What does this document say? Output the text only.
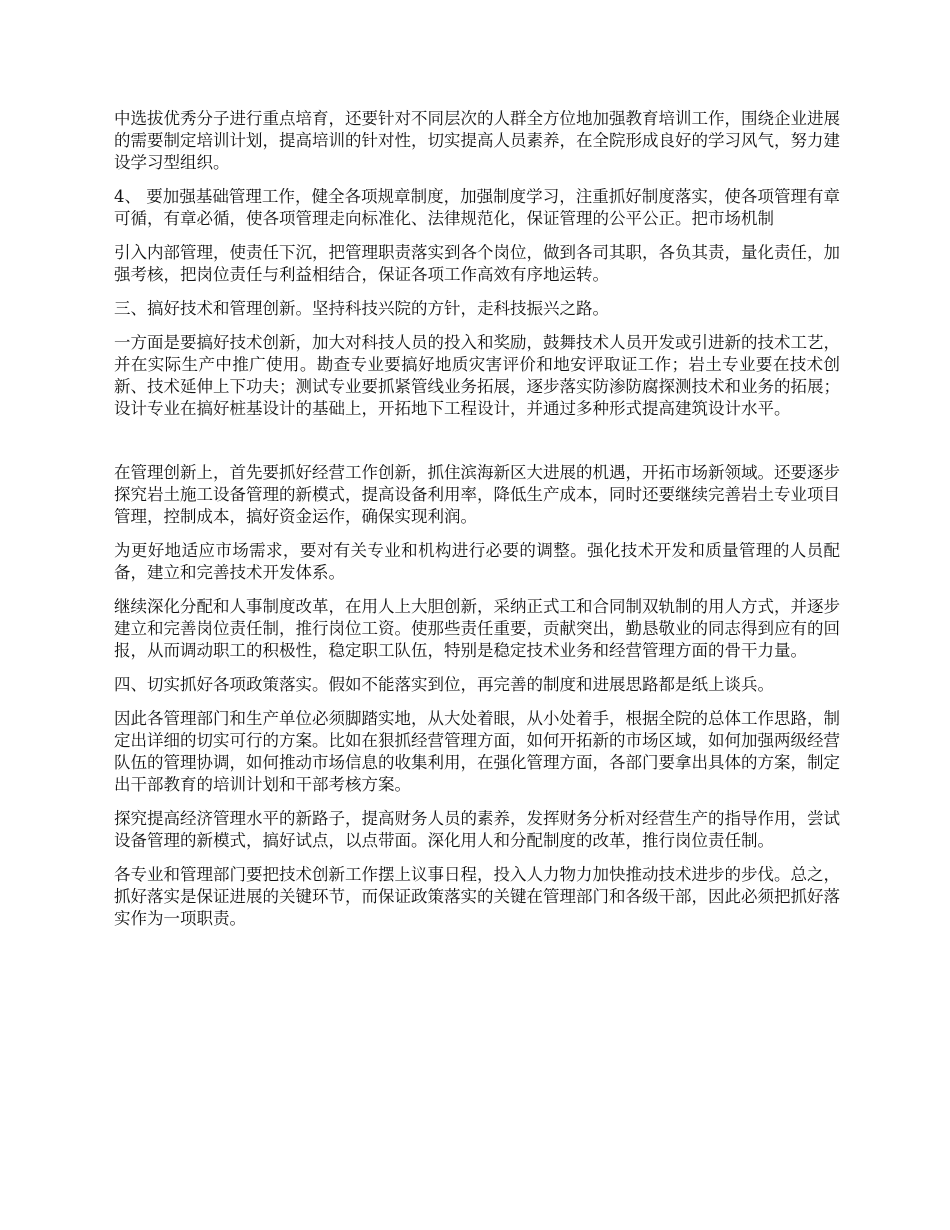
中选拔优秀分子进行重点培育，还要针对不同层次的人群全方位地加强教育培训工作，围绕企业进展的需要制定培训计划，提高培训的针对性，切实提高人员素养，在全院形成良好的学习风气，努力建设学习型组织。

4、 要加强基础管理工作，健全各项规章制度，加强制度学习，注重抓好制度落实，使各项管理有章可循，有章必循，使各项管理走向标准化、法律规范化，保证管理的公平公正。把市场机制

引入内部管理，使责任下沉，把管理职责落实到各个岗位，做到各司其职，各负其责，量化责任，加强考核，把岗位责任与利益相结合，保证各项工作高效有序地运转。

三、搞好技术和管理创新。坚持科技兴院的方针，走科技振兴之路。

一方面是要搞好技术创新，加大对科技人员的投入和奖励，鼓舞技术人员开发或引进新的技术工艺，并在实际生产中推广使用。勘查专业要搞好地质灾害评价和地安评取证工作；岩土专业要在技术创新、技术延伸上下功夫；测试专业要抓紧管线业务拓展，逐步落实防渗防腐探测技术和业务的拓展；设计专业在搞好桩基设计的基础上，开拓地下工程设计，并通过多种形式提高建筑设计水平。

在管理创新上，首先要抓好经营工作创新，抓住滨海新区大进展的机遇，开拓市场新领域。还要逐步探究岩土施工设备管理的新模式，提高设备利用率，降低生产成本，同时还要继续完善岩土专业项目管理，控制成本，搞好资金运作，确保实现利润。

为更好地适应市场需求，要对有关专业和机构进行必要的调整。强化技术开发和质量管理的人员配备，建立和完善技术开发体系。

继续深化分配和人事制度改革，在用人上大胆创新，采纳正式工和合同制双轨制的用人方式，并逐步建立和完善岗位责任制，推行岗位工资。使那些责任重要，贡献突出，勤恳敬业的同志得到应有的回报，从而调动职工的积极性，稳定职工队伍，特别是稳定技术业务和经营管理方面的骨干力量。

四、切实抓好各项政策落实。假如不能落实到位，再完善的制度和进展思路都是纸上谈兵。

因此各管理部门和生产单位必须脚踏实地，从大处着眼，从小处着手，根据全院的总体工作思路，制定出详细的切实可行的方案。比如在狠抓经营管理方面，如何开拓新的市场区域，如何加强两级经营队伍的管理协调，如何推动市场信息的收集利用，在强化管理方面，各部门要拿出具体的方案，制定出干部教育的培训计划和干部考核方案。

探究提高经济管理水平的新路子，提高财务人员的素养，发挥财务分析对经营生产的指导作用，尝试设备管理的新模式，搞好试点，以点带面。深化用人和分配制度的改革，推行岗位责任制。

各专业和管理部门要把技术创新工作摆上议事日程，投入人力物力加快推动技术进步的步伐。总之，抓好落实是保证进展的关键环节，而保证政策落实的关键在管理部门和各级干部，因此必须把抓好落实作为一项职责。
